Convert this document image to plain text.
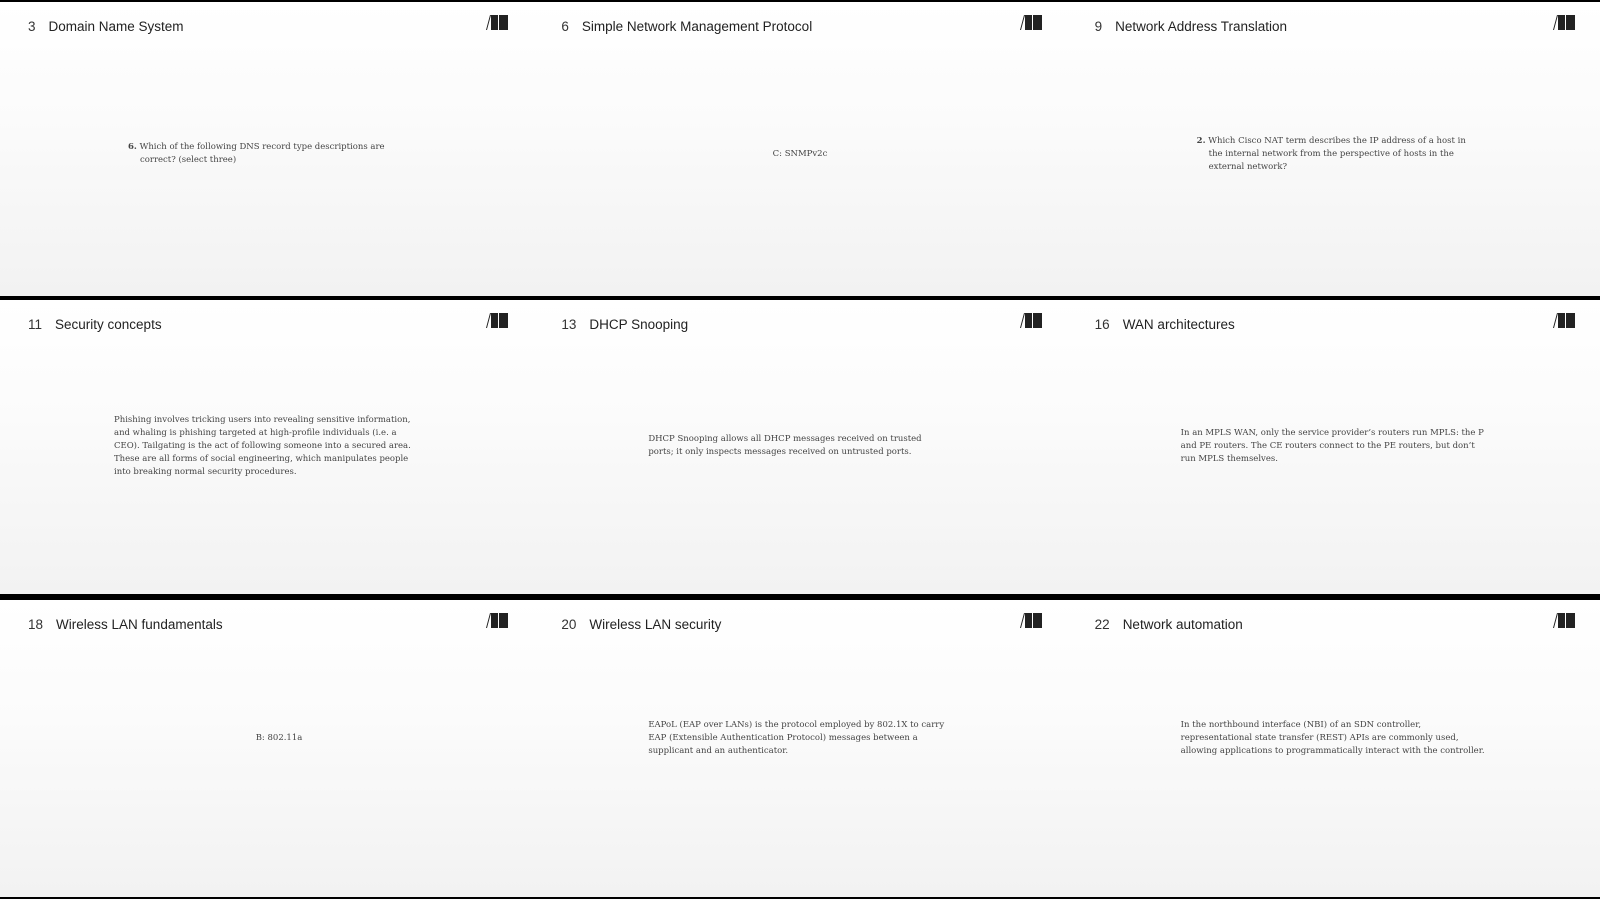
3 Domain Name System
6. Which of the following DNS record type descriptions are correct? (select three)
6 Simple Network Management Protocol
C: SNMPv2c
9 Network Address Translation
2. Which Cisco NAT term describes the IP address of a host in the internal network from the perspective of hosts in the external network?
11 Security concepts
Phishing involves tricking users into revealing sensitive information, and whaling is phishing targeted at high-profile individuals (i.e. a CEO). Tailgating is the act of following someone into a secured area. These are all forms of social engineering, which manipulates people into breaking normal security procedures.
13 DHCP Snooping
DHCP Snooping allows all DHCP messages received on trusted ports; it only inspects messages received on untrusted ports.
16 WAN architectures
In an MPLS WAN, only the service provider’s routers run MPLS: the P and PE routers. The CE routers connect to the PE routers, but don’t run MPLS themselves.
18 Wireless LAN fundamentals
B: 802.11a
20 Wireless LAN security
EAPoL (EAP over LANs) is the protocol employed by 802.1X to carry EAP (Extensible Authentication Protocol) messages between a supplicant and an authenticator.
22 Network automation
In the northbound interface (NBI) of an SDN controller, representational state transfer (REST) APIs are commonly used, allowing applications to programmatically interact with the controller.
